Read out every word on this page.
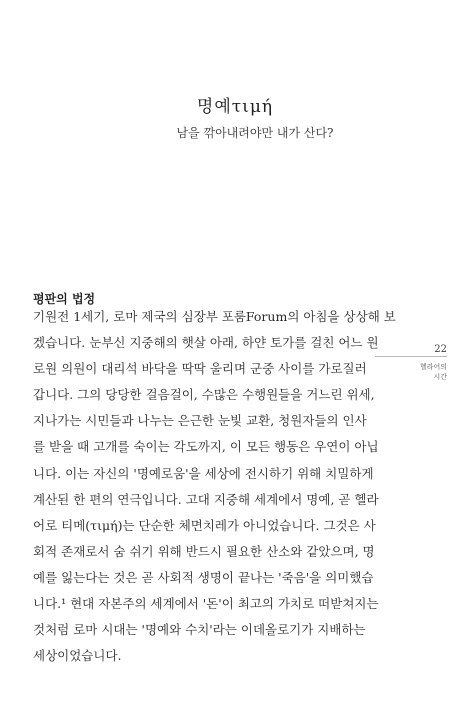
명예τιμή
남을 깎아내려야만 내가 산다?
평판의 법정
기원전 1세기, 로마 제국의 심장부 포룸Forum의 아침을 상상해 보
겠습니다. 눈부신 지중해의 햇살 아래, 하얀 토가를 걸친 어느 원
로원 의원이 대리석 바닥을 딱딱 울리며 군중 사이를 가로질러
갑니다. 그의 당당한 걸음걸이, 수많은 수행원들을 거느린 위세,
지나가는 시민들과 나누는 은근한 눈빛 교환, 청원자들의 인사
를 받을 때 고개를 숙이는 각도까지, 이 모든 행동은 우연이 아닙
니다. 이는 자신의 '명예로움'을 세상에 전시하기 위해 치밀하게
계산된 한 편의 연극입니다. 고대 지중해 세계에서 명예, 곧 헬라
어로 티메(τιμή)는 단순한 체면치레가 아니었습니다. 그것은 사
회적 존재로서 숨 쉬기 위해 반드시 필요한 산소와 같았으며, 명
예를 잃는다는 것은 곧 사회적 생명이 끝나는 '죽음'을 의미했습
니다.¹ 현대 자본주의 세계에서 '돈'이 최고의 가치로 떠받쳐지는
것처럼 로마 시대는 '명예와 수치'라는 이데올로기가 지배하는
세상이었습니다.
22
헬라어의
시간
